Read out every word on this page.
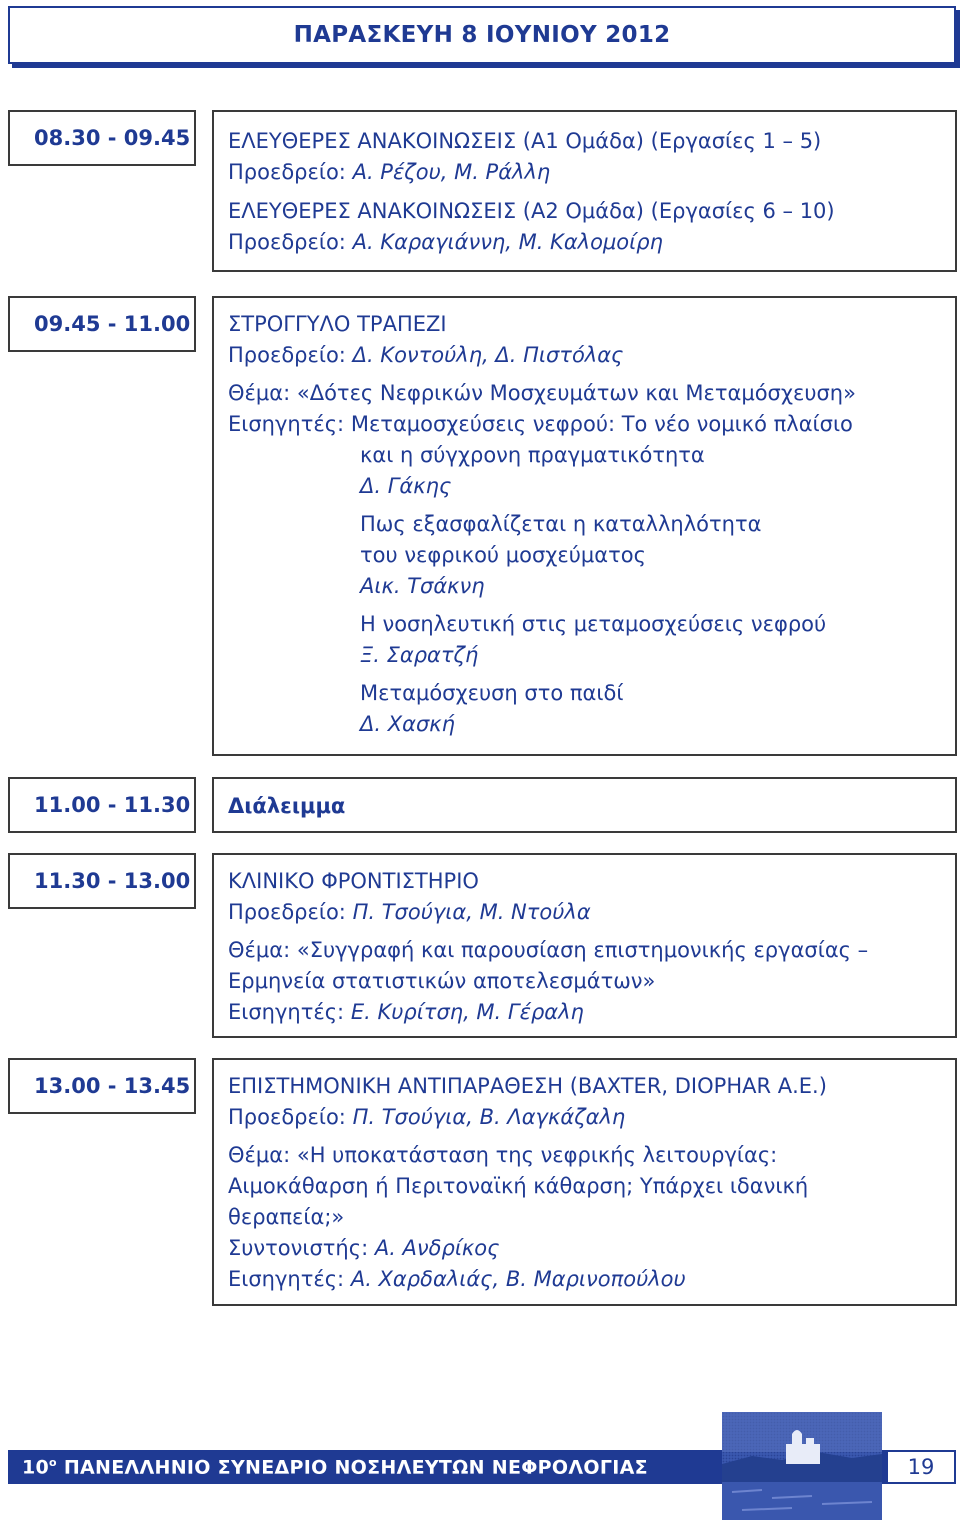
ΠΑΡΑΣΚΕΥΗ 8 ΙΟΥΝΙΟΥ 2012
08.30 - 09.45 ΕΛΕΥΘΕΡΕΣ ΑΝΑΚΟΙΝΩΣΕΙΣ (Α1 Ομάδα) (Εργασίες 1 – 5)
Προεδρείο: Α. Ρέζου, Μ. Ράλλη
ΕΛΕΥΘΕΡΕΣ ΑΝΑΚΟΙΝΩΣΕΙΣ (Α2 Ομάδα) (Εργασίες 6 – 10)
Προεδρείο: Α. Καραγιάννη, Μ. Καλομοίρη
09.45 - 11.00 ΣΤΡΟΓΓΥΛΟ ΤΡΑΠΕΖΙ
Προεδρείο: Δ. Κοντούλη, Δ. Πιστόλας
Θέμα: «Δότες Νεφρικών Μοσχευμάτων και Μεταμόσχευση»
Εισηγητές: Μεταμοσχεύσεις νεφρού: Το νέο νομικό πλαίσιο
και η σύγχρονη πραγματικότητα
Δ. Γάκης
Πως εξασφαλίζεται η καταλληλότητα
του νεφρικού μοσχεύματος
Αικ. Τσάκνη
Η νοσηλευτική στις μεταμοσχεύσεις νεφρού
Ξ. Σαρατζή
Μεταμόσχευση στο παιδί
Δ. Χασκή
11.00 - 11.30 Διάλειμμα
11.30 - 13.00 ΚΛΙΝΙΚΟ ΦΡΟΝΤΙΣΤΗΡΙΟ
Προεδρείο: Π. Τσούγια, Μ. Ντούλα
Θέμα: «Συγγραφή και παρουσίαση επιστημονικής εργασίας –
Ερμηνεία στατιστικών αποτελεσμάτων»
Εισηγητές: Ε. Κυρίτση, Μ. Γέραλη
13.00 - 13.45 ΕΠΙΣΤΗΜΟΝΙΚΗ ΑΝΤΙΠΑΡΑΘΕΣΗ (BAXTER, DIOPHAR Α.Ε.)
Προεδρείο: Π. Τσούγια, Β. Λαγκάζαλη
Θέμα: «Η υποκατάσταση της νεφρικής λειτουργίας:
Αιμοκάθαρση ή Περιτοναϊκή κάθαρση; Υπάρχει ιδανική
θεραπεία;»
Συντονιστής: Α. Ανδρίκος
Εισηγητές: Α. Χαρδαλιάς, Β. Μαρινοπούλου
$10^o$ ΠΑΝΕΛΛΗΝΙΟ ΣΥΝΕΔΡΙΟ ΝΟΣΗΛΕΥΤΩΝ ΝΕΦΡΟΛΟΓΙΑΣ	19
